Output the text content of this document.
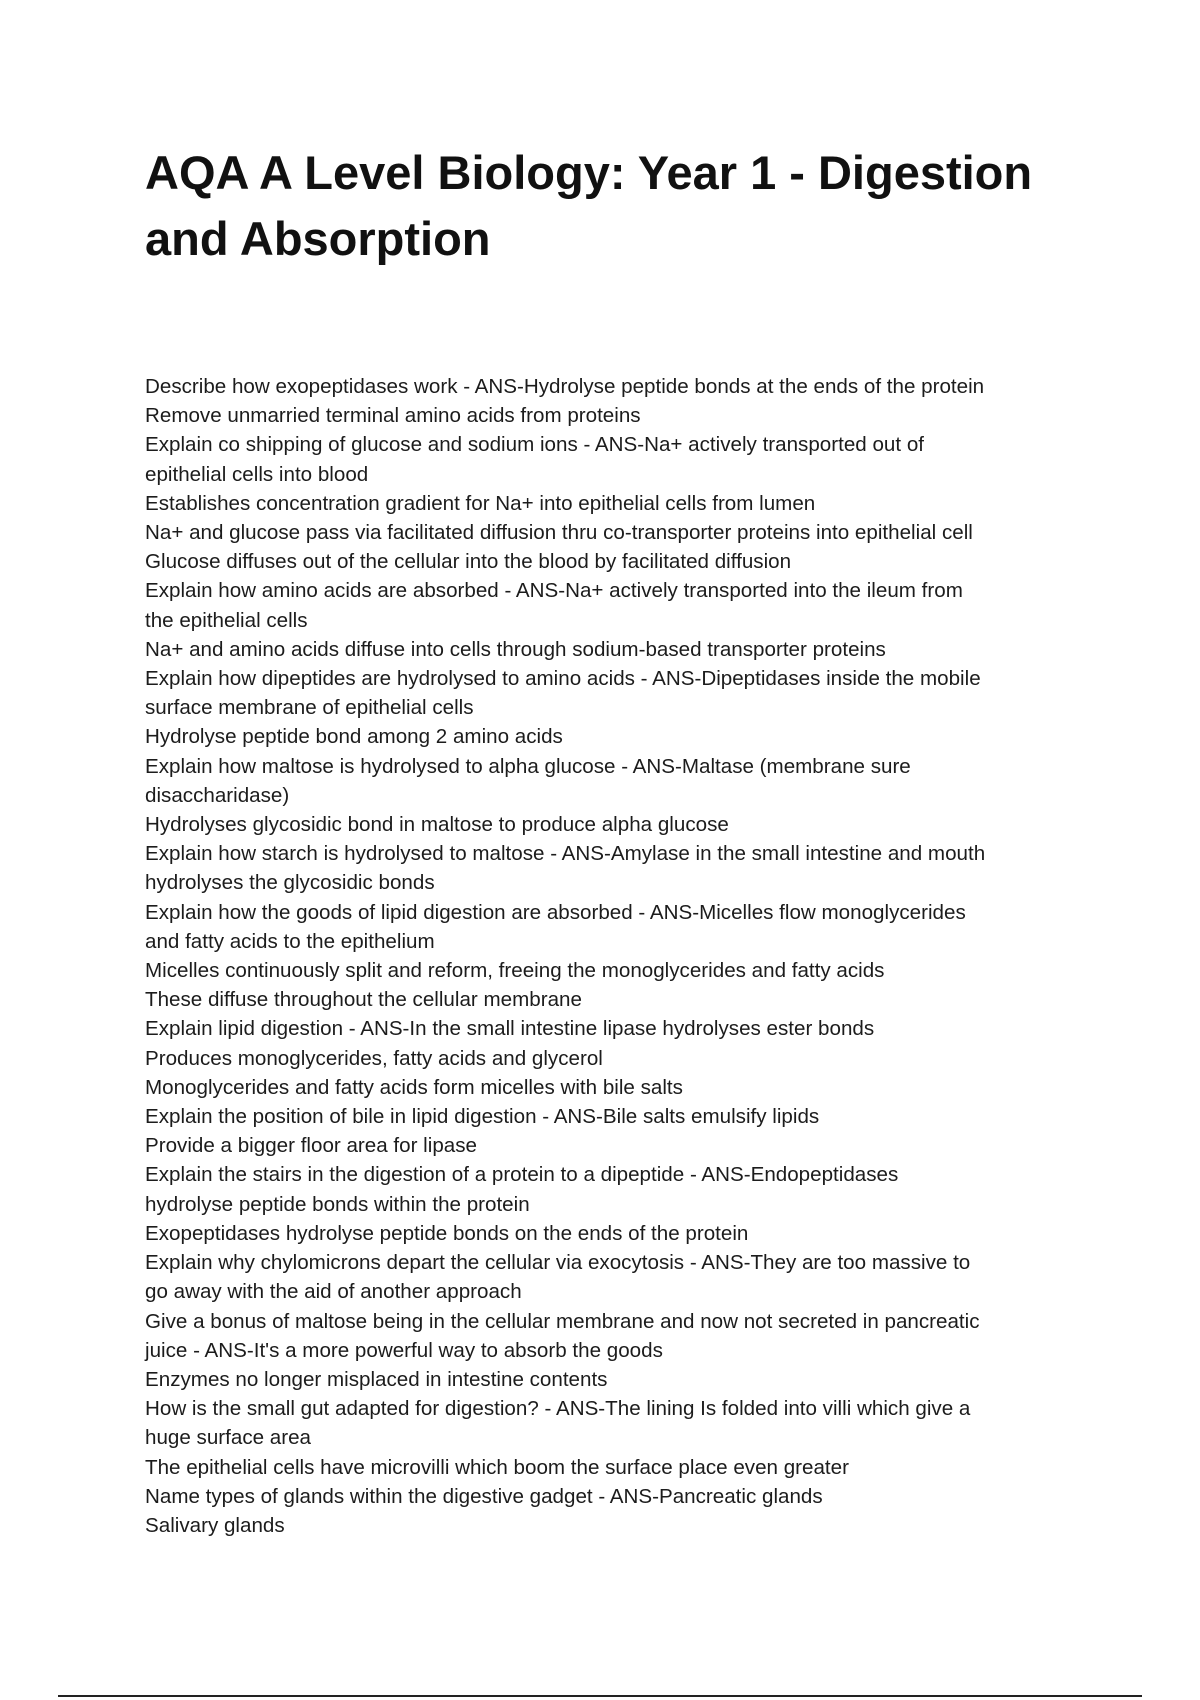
AQA A Level Biology: Year 1 - Digestion
and Absorption
Describe how exopeptidases work - ANS-Hydrolyse peptide bonds at the ends of the protein
Remove unmarried terminal amino acids from proteins
Explain co shipping of glucose and sodium ions - ANS-Na+ actively transported out of
epithelial cells into blood
Establishes concentration gradient for Na+ into epithelial cells from lumen
Na+ and glucose pass via facilitated diffusion thru co-transporter proteins into epithelial cell
Glucose diffuses out of the cellular into the blood by facilitated diffusion
Explain how amino acids are absorbed - ANS-Na+ actively transported into the ileum from
the epithelial cells
Na+ and amino acids diffuse into cells through sodium-based transporter proteins
Explain how dipeptides are hydrolysed to amino acids - ANS-Dipeptidases inside the mobile
surface membrane of epithelial cells
Hydrolyse peptide bond among 2 amino acids
Explain how maltose is hydrolysed to alpha glucose - ANS-Maltase (membrane sure
disaccharidase)
Hydrolyses glycosidic bond in maltose to produce alpha glucose
Explain how starch is hydrolysed to maltose - ANS-Amylase in the small intestine and mouth
hydrolyses the glycosidic bonds
Explain how the goods of lipid digestion are absorbed - ANS-Micelles flow monoglycerides
and fatty acids to the epithelium
Micelles continuously split and reform, freeing the monoglycerides and fatty acids
These diffuse throughout the cellular membrane
Explain lipid digestion - ANS-In the small intestine lipase hydrolyses ester bonds
Produces monoglycerides, fatty acids and glycerol
Monoglycerides and fatty acids form micelles with bile salts
Explain the position of bile in lipid digestion - ANS-Bile salts emulsify lipids
Provide a bigger floor area for lipase
Explain the stairs in the digestion of a protein to a dipeptide - ANS-Endopeptidases
hydrolyse peptide bonds within the protein
Exopeptidases hydrolyse peptide bonds on the ends of the protein
Explain why chylomicrons depart the cellular via exocytosis - ANS-They are too massive to
go away with the aid of another approach
Give a bonus of maltose being in the cellular membrane and now not secreted in pancreatic
juice - ANS-It's a more powerful way to absorb the goods
Enzymes no longer misplaced in intestine contents
How is the small gut adapted for digestion? - ANS-The lining Is folded into villi which give a
huge surface area
The epithelial cells have microvilli which boom the surface place even greater
Name types of glands within the digestive gadget - ANS-Pancreatic glands
Salivary glands
